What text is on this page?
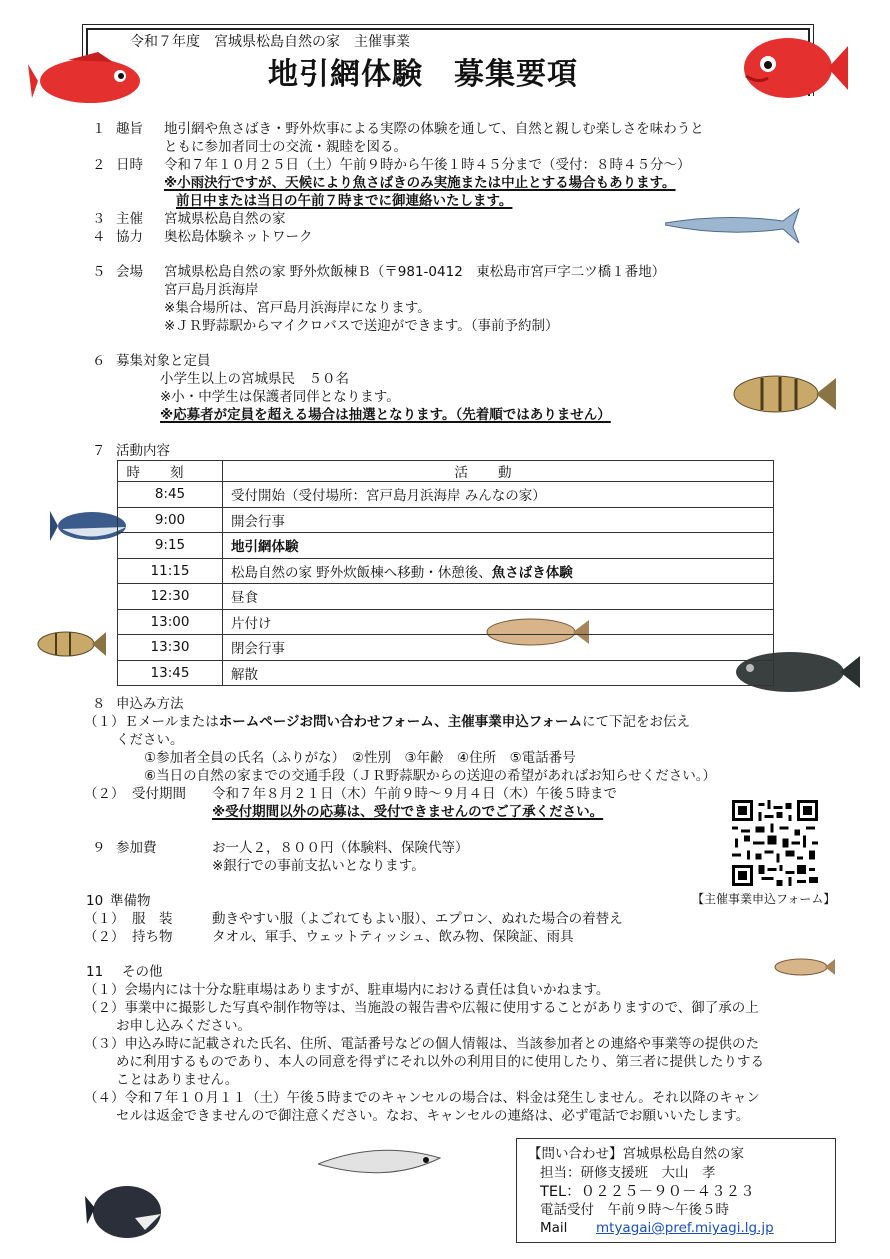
令和７年度　宮城県松島自然の家　主催事業
地引網体験　募集要項
１ 趣旨 地引網や魚さばき・野外炊事による実際の体験を通して、自然と親しむ楽しさを味わうと
ともに参加者同士の交流・親睦を図る。
２ 日時 令和７年１０月２５日（土）午前９時から午後１時４５分まで（受付：８時４５分～）
※小雨決行ですが、天候により魚さばきのみ実施または中止とする場合もあります。
前日中または当日の午前７時までに御連絡いたします。
３ 主催 宮城県松島自然の家
４ 協力 奥松島体験ネットワーク
５ 会場 宮城県松島自然の家 野外炊飯棟Ｂ（〒981-0412　東松島市宮戸字二ツ橋１番地）
宮戸島月浜海岸
※集合場所は、宮戸島月浜海岸になります。
※ＪＲ野蒜駅からマイクロバスで送迎ができます。（事前予約制）
６ 募集対象と定員
小学生以上の宮城県民　５０名
※小・中学生は保護者同伴となります。
※応募者が定員を超える場合は抽選となります。（先着順ではありません）
７ 活動内容
時刻	活動
8:45	受付開始（受付場所：宮戸島月浜海岸 みんなの家）
9:00	開会行事
9:15	地引網体験
11:15	松島自然の家 野外炊飯棟へ移動・休憩後、魚さばき体験
12:30	昼食
13:00	片付け
13:30	閉会行事
13:45	解散
８ 申込み方法
（１）Ｅメールまたはホームページお問い合わせフォーム、主催事業申込フォームにて下記をお伝え
ください。
①参加者全員の氏名（ふりがな）　②性別　③年齢　④住所　⑤電話番号
⑥当日の自然の家までの交通手段（ＪＲ野蒜駅からの送迎の希望があればお知らせください。）
（２） 受付期間 令和７年８月２１日（木）午前９時～９月４日（木）午後５時まで
※受付期間以外の応募は、受付できませんのでご了承ください。
【主催事業申込フォーム】
９ 参加費	お一人２，８００円（体験料、保険代等）
※銀行での事前支払いとなります。
10 準備物
（１） 服　装	動きやすい服（よごれてもよい服）、エプロン、ぬれた場合の着替え
（２） 持ち物	タオル、軍手、ウェットティッシュ、飲み物、保険証、雨具
11 その他
（１）会場内には十分な駐車場はありますが、駐車場内における責任は負いかねます。
（２）事業中に撮影した写真や制作物等は、当施設の報告書や広報に使用することがありますので、御了承の上
お申し込みください。
（３）申込み時に記載された氏名、住所、電話番号などの個人情報は、当該参加者との連絡や事業等の提供のた
めに利用するものであり、本人の同意を得ずにそれ以外の利用目的に使用したり、第三者に提供したりする
ことはありません。
（４）令和７年１０月１１（土）午後５時までのキャンセルの場合は、料金は発生しません。それ以降のキャン
セルは返金できませんので御注意ください。なお、キャンセルの連絡は、必ず電話でお願いいたします。
【問い合わせ】宮城県松島自然の家
担当：研修支援班　大山　孝
TEL：０２２５－９０－４３２３
電話受付　午前９時～午後５時
Mail mtyagai@pref.miyagi.lg.jp
